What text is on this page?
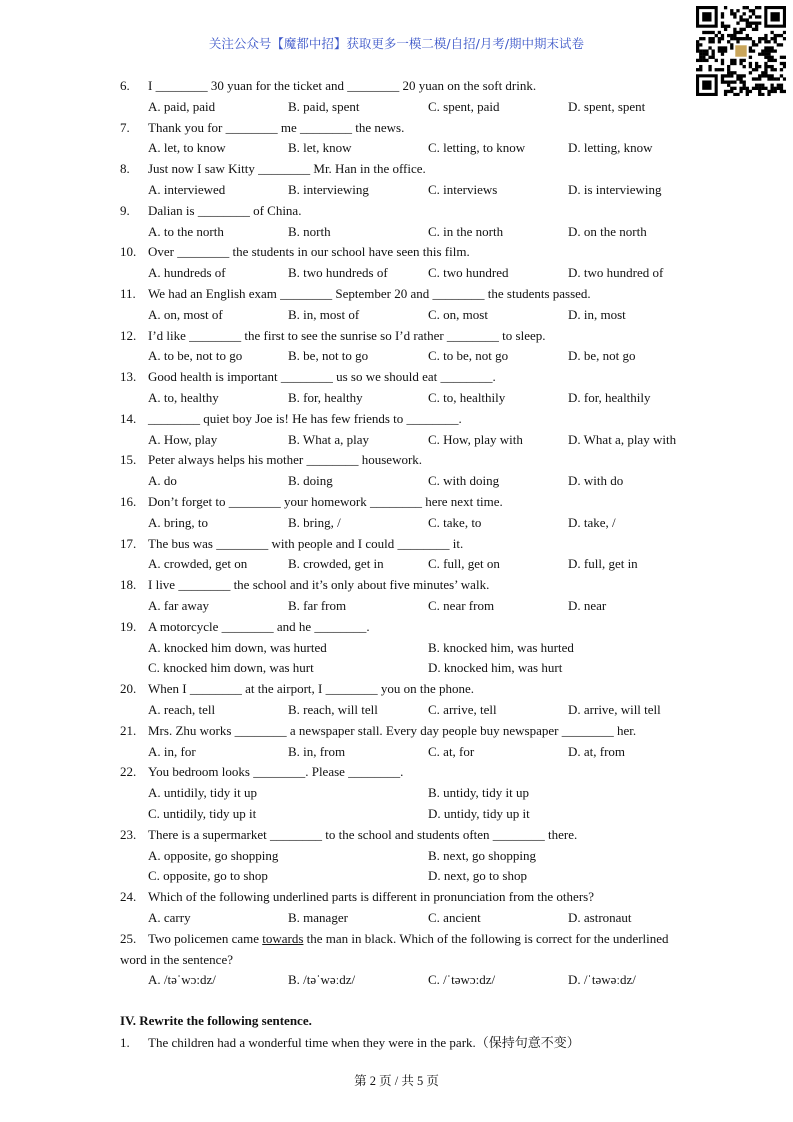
关注公众号【魔都中招】获取更多一模二模/自招/月考/期中期末试卷
6.	I ________ 30 yuan for the ticket and ________ 20 yuan on the soft drink.
A. paid, paid	B. paid, spent	C. spent, paid	D. spent, spent
7.	Thank you for ________ me ________ the news.
A. let, to know	B. let, know	C. letting, to know	D. letting, know
8.	Just now I saw Kitty ________ Mr. Han in the office.
A. interviewed	B. interviewing	C. interviews	D. is interviewing
9.	Dalian is ________ of China.
A. to the north	B. north	C. in the north	D. on the north
10. Over ________ the students in our school have seen this film.
A. hundreds of	B. two hundreds of	C. two hundred	D. two hundred of
11. We had an English exam ________ September 20 and ________ the students passed.
A. on, most of	B. in, most of	C. on, most	D. in, most
12. I’d like ________ the first to see the sunrise so I’d rather ________ to sleep.
A. to be, not to go	B. be, not to go	C. to be, not go	D. be, not go
13. Good health is important ________ us so we should eat ________.
A. to, healthy	B. for, healthy	C. to, healthily	D. for, healthily
14. ________ quiet boy Joe is! He has few friends to ________.
A. How, play	B. What a, play	C. How, play with	D. What a, play with
15. Peter always helps his mother ________ housework.
A. do	B. doing	C. with doing	D. with do
16. Don’t forget to ________ your homework ________ here next time.
A. bring, to	B. bring, /	C. take, to	D. take, /
17. The bus was ________ with people and I could ________ it.
A. crowded, get on	B. crowded, get in	C. full, get on	D. full, get in
18. I live ________ the school and it’s only about five minutes’ walk.
A. far away	B. far from	C. near from	D. near
19. A motorcycle ________ and he ________.
A. knocked him down, was hurted	B. knocked him, was hurted
C. knocked him down, was hurt	D. knocked him, was hurt
20. When I ________ at the airport, I ________ you on the phone.
A. reach, tell	B. reach, will tell	C. arrive, tell	D. arrive, will tell
21. Mrs. Zhu works ________ a newspaper stall. Every day people buy newspaper ________ her.
A. in, for	B. in, from	C. at, for	D. at, from
22. You bedroom looks ________. Please ________.
A. untidily, tidy it up	B. untidy, tidy it up
C. untidily, tidy up it	D. untidy, tidy up it
23. There is a supermarket ________ to the school and students often ________ there.
A. opposite, go shopping	B. next, go shopping
C. opposite, go to shop	D. next, go to shop
24. Which of the following underlined parts is different in pronunciation from the others?
A. carry	B. manager	C. ancient	D. astronaut
25. Two policemen came towards the man in black. Which of the following is correct for the underlined
word in the sentence?
A. /təˈwɔ:dz/	B. /təˈwəːdz/	C. /ˈtəwɔ:dz/	D. /ˈtəwəːdz/
IV. Rewrite the following sentence.
1.	The children had a wonderful time when they were in the park.（保持句意不变）
第 2 页 / 共 5 页
